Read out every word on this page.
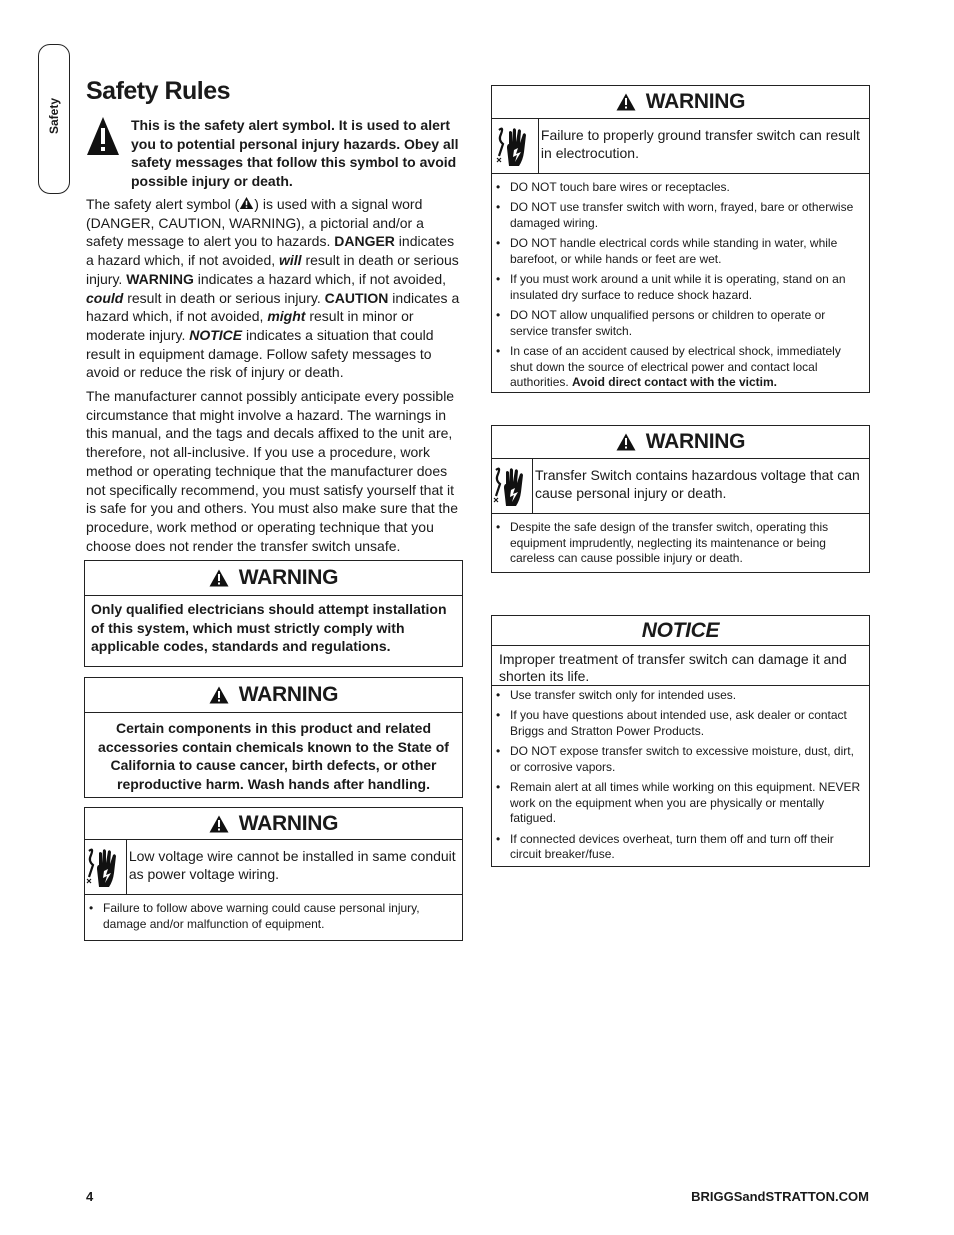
Safety
Safety Rules
This is the safety alert symbol. It is used to alert you to potential personal injury hazards. Obey all safety messages that follow this symbol to avoid possible injury or death.

The safety alert symbol ( ) is used with a signal word (DANGER, CAUTION, WARNING), a pictorial and/or a safety message to alert you to hazards. DANGER indicates a hazard which, if not avoided, will result in death or serious injury. WARNING indicates a hazard which, if not avoided, could result in death or serious injury. CAUTION indicates a hazard which, if not avoided, might result in minor or moderate injury. NOTICE indicates a situation that could result in equipment damage. Follow safety messages to avoid or reduce the risk of injury or death.

The manufacturer cannot possibly anticipate every possible circumstance that might involve a hazard. The warnings in this manual, and the tags and decals affixed to the unit are, therefore, not all-inclusive. If you use a procedure, work method or operating technique that the manufacturer does not specifically recommend, you must satisfy yourself that it is safe for you and others. You must also make sure that the procedure, work method or operating technique that you choose does not render the transfer switch unsafe.

WARNING
Only qualified electricians should attempt installation of this system, which must strictly comply with applicable codes, standards and regulations.
WARNING
Certain components in this product and related accessories contain chemicals known to the State of California to cause cancer, birth defects, or other reproductive harm. Wash hands after handling.
WARNING
Low voltage wire cannot be installed in same conduit as power voltage wiring.
• Failure to follow above warning could cause personal injury, damage and/or malfunction of equipment.
WARNING
Failure to properly ground transfer switch can result in electrocution.
• DO NOT touch bare wires or receptacles.
• DO NOT use transfer switch with worn, frayed, bare or otherwise damaged wiring.
• DO NOT handle electrical cords while standing in water, while barefoot, or while hands or feet are wet.
• If you must work around a unit while it is operating, stand on an insulated dry surface to reduce shock hazard.
• DO NOT allow unqualified persons or children to operate or service transfer switch.
• In case of an accident caused by electrical shock, immediately shut down the source of electrical power and contact local authorities. Avoid direct contact with the victim.
WARNING
Transfer Switch contains hazardous voltage that can cause personal injury or death.
• Despite the safe design of the transfer switch, operating this equipment imprudently, neglecting its maintenance or being careless can cause possible injury or death.
NOTICE
Improper treatment of transfer switch can damage it and shorten its life.
• Use transfer switch only for intended uses.
• If you have questions about intended use, ask dealer or contact Briggs and Stratton Power Products.
• DO NOT expose transfer switch to excessive moisture, dust, dirt, or corrosive vapors.
• Remain alert at all times while working on this equipment. NEVER work on the equipment when you are physically or mentally fatigued.
• If connected devices overheat, turn them off and turn off their circuit breaker/fuse.
4	BRIGGSandSTRATTON.COM
